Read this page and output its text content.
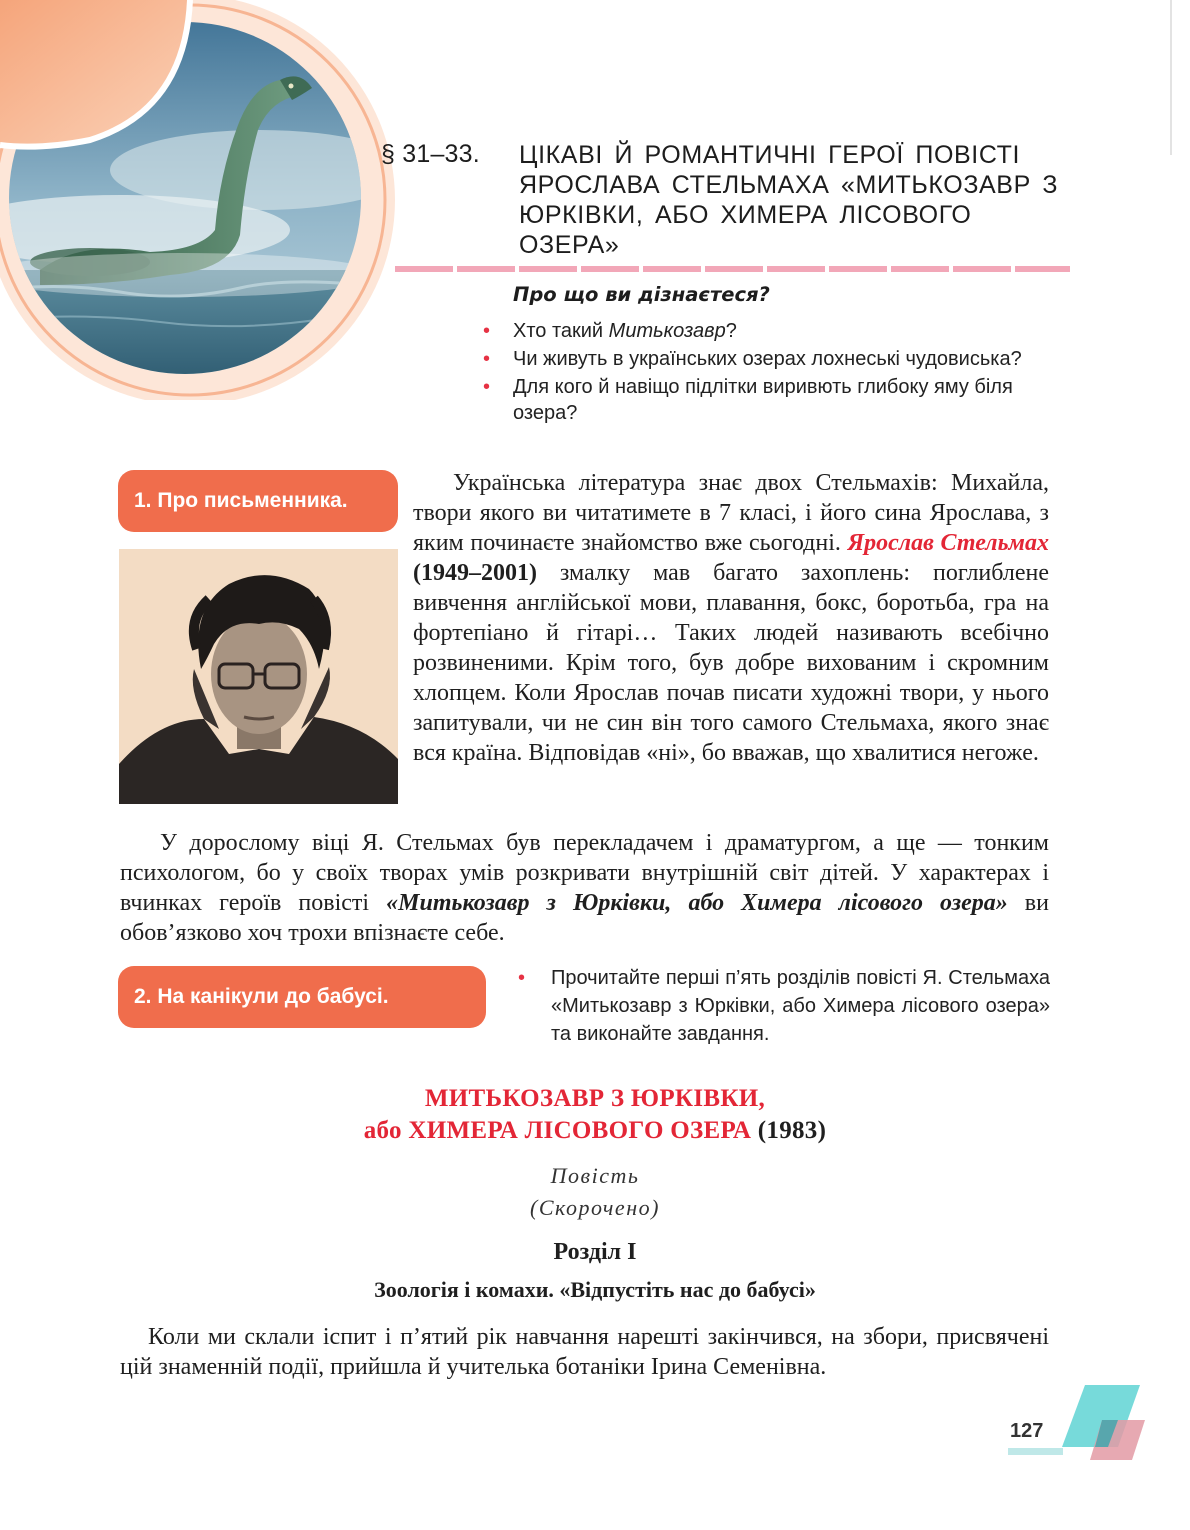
§ 31–33. ЦІКАВІ Й РОМАНТИЧНІ ГЕРОЇ ПОВІСТІ ЯРОСЛАВА СТЕЛЬМАХА «МИТЬКОЗАВР З ЮРКІВКИ, АБО ХИМЕРА ЛІСОВОГО ОЗЕРА»
Про що ви дізнаєтеся?
• Хто такий Митькозавр?
• Чи живуть в українських озерах лохнеські чудовиська?
• Для кого й навіщо підлітки виривють глибоку яму біля озера?
1. Про письменника.
Українська література знає двох Стельмахів: Михайла, твори якого ви читатимете в 7 класі, і його сина Ярослава, з яким починаєте знайомство вже сьогодні. Ярослав Стельмах (1949–2001) змалку мав багато захоплень: поглиблене вивчення англійської мови, плавання, бокс, боротьба, гра на фортепіано й гітарі… Таких людей називають всебічно розвиненими. Крім того, був добре вихованим і скромним хлопцем. Коли Ярослав почав писати художні твори, у нього запитували, чи не син він того самого Стельмаха, якого знає вся країна. Відповідав «ні», бо вважав, що хвалитися негоже.
У дорослому віці Я. Стельмах був перекладачем і драматургом, а ще — тонким психологом, бо у своїх творах умів розкривати внутрішній світ дітей. У характерах і вчинках героїв повісті «Митькозавр з Юрківки, або Химера лісового озера» ви обов’язково хоч трохи впізнаєте себе.
2. На канікули до бабусі.
• Прочитайте перші п’ять розділів повісті Я. Стельмаха «Митькозавр з Юрківки, або Химера лісового озера» та виконайте завдання.
МИТЬКОЗАВР З ЮРКІВКИ,
або ХИМЕРА ЛІСОВОГО ОЗЕРА (1983)
Повість
(Скорочено)
Розділ I
Зоологія і комахи. «Відпустіть нас до бабусі»
Коли ми склали іспит і п’ятий рік навчання нарешті закінчився, на збори, присвячені цій знаменній події, прийшла й учителька ботаніки Ірина Семенівна.
127
